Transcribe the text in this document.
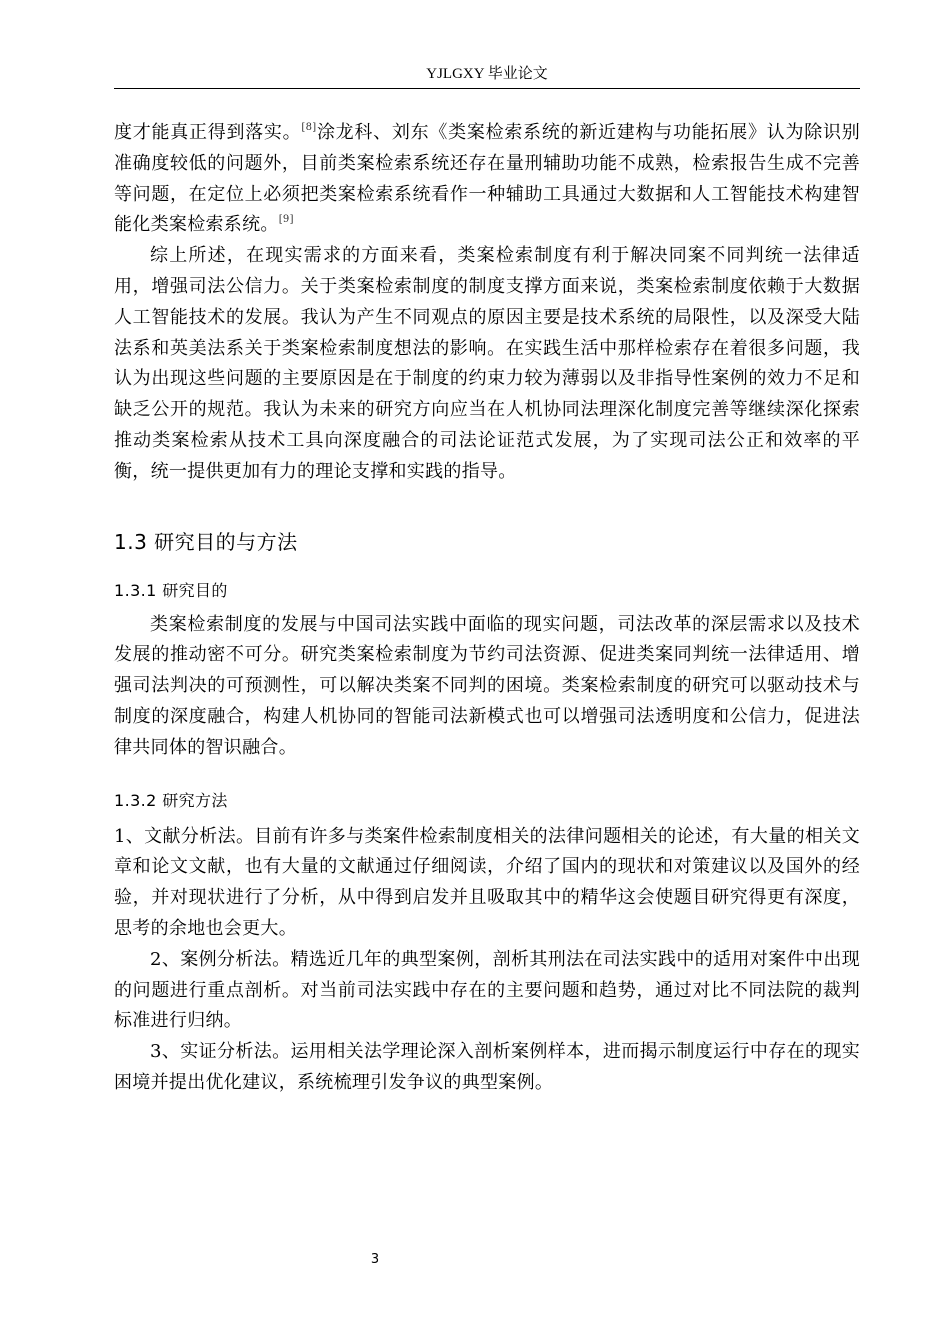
YJLGXY 毕业论文

度才能真正得到落实。[8]涂龙科、刘东《类案检索系统的新近建构与功能拓展》认为除识别准确度较低的问题外，目前类案检索系统还存在量刑辅助功能不成熟，检索报告生成不完善等问题，在定位上必须把类案检索系统看作一种辅助工具通过大数据和人工智能技术构建智能化类案检索系统。[9]

综上所述，在现实需求的方面来看，类案检索制度有利于解决同案不同判统一法律适用，增强司法公信力。关于类案检索制度的制度支撑方面来说，类案检索制度依赖于大数据人工智能技术的发展。我认为产生不同观点的原因主要是技术系统的局限性，以及深受大陆法系和英美法系关于类案检索制度想法的影响。在实践生活中那样检索存在着很多问题，我认为出现这些问题的主要原因是在于制度的约束力较为薄弱以及非指导性案例的效力不足和缺乏公开的规范。我认为未来的研究方向应当在人机协同法理深化制度完善等继续深化探索推动类案检索从技术工具向深度融合的司法论证范式发展，为了实现司法公正和效率的平衡，统一提供更加有力的理论支撑和实践的指导。

1.3 研究目的与方法
1.3.1 研究目的

类案检索制度的发展与中国司法实践中面临的现实问题，司法改革的深层需求以及技术发展的推动密不可分。研究类案检索制度为节约司法资源、促进类案同判统一法律适用、增强司法判决的可预测性，可以解决类案不同判的困境。类案检索制度的研究可以驱动技术与制度的深度融合，构建人机协同的智能司法新模式也可以增强司法透明度和公信力，促进法律共同体的智识融合。

1.3.2 研究方法

1、文献分析法。目前有许多与类案件检索制度相关的法律问题相关的论述，有大量的相关文章和论文文献，也有大量的文献通过仔细阅读，介绍了国内的现状和对策建议以及国外的经验，并对现状进行了分析，从中得到启发并且吸取其中的精华这会使题目研究得更有深度，思考的余地也会更大。

2、案例分析法。精选近几年的典型案例，剖析其刑法在司法实践中的适用对案件中出现的问题进行重点剖析。对当前司法实践中存在的主要问题和趋势，通过对比不同法院的裁判标准进行归纳。

3、实证分析法。运用相关法学理论深入剖析案例样本，进而揭示制度运行中存在的现实困境并提出优化建议，系统梳理引发争议的典型案例。

3
